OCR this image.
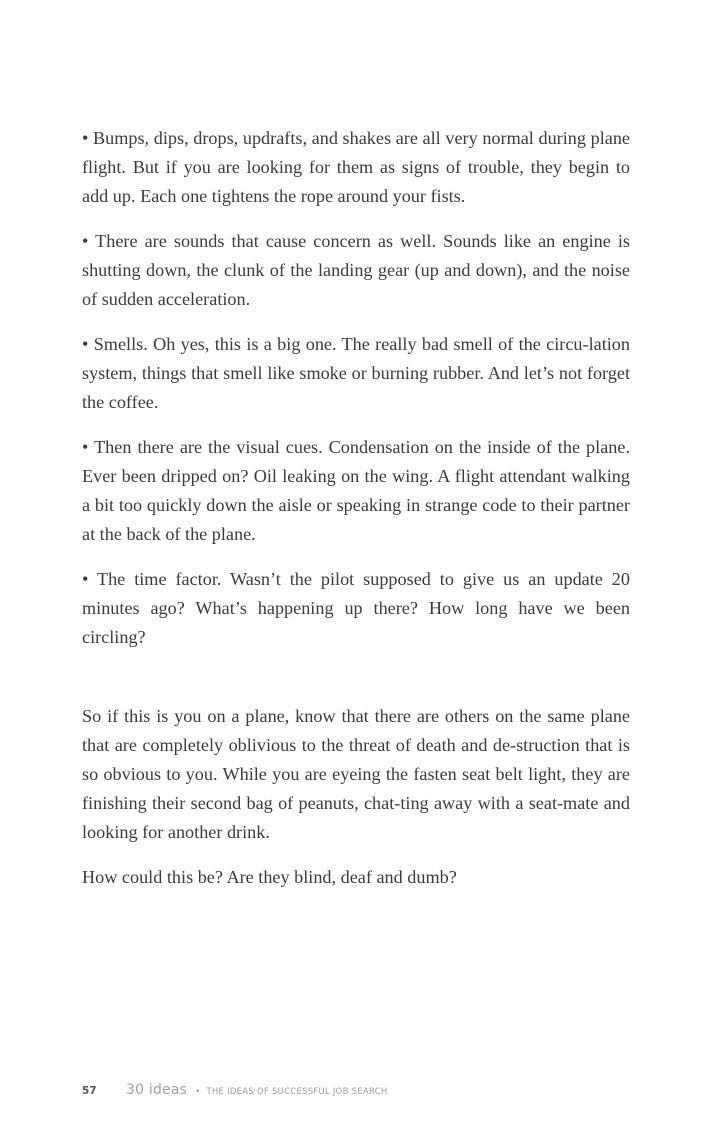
• Bumps, dips, drops, updrafts, and shakes are all very normal during plane flight. But if you are looking for them as signs of trouble, they begin to add up. Each one tightens the rope around your fists.

• There are sounds that cause concern as well. Sounds like an engine is shutting down, the clunk of the landing gear (up and down), and the noise of sudden acceleration.

• Smells. Oh yes, this is a big one. The really bad smell of the circu-lation system, things that smell like smoke or burning rubber. And let’s not forget the coffee.

• Then there are the visual cues. Condensation on the inside of the plane. Ever been dripped on? Oil leaking on the wing. A flight attendant walking a bit too quickly down the aisle or speaking in strange code to their partner at the back of the plane.

• The time factor. Wasn’t the pilot supposed to give us an update 20 minutes ago? What’s happening up there? How long have we been circling?

So if this is you on a plane, know that there are others on the same plane that are completely oblivious to the threat of death and de-struction that is so obvious to you. While you are eyeing the fasten seat belt light, they are finishing their second bag of peanuts, chat-ting away with a seat-mate and looking for another drink.

How could this be? Are they blind, deaf and dumb?

57	30 ideas • THE IDEAS OF SUCCESSFUL JOB SEARCH
